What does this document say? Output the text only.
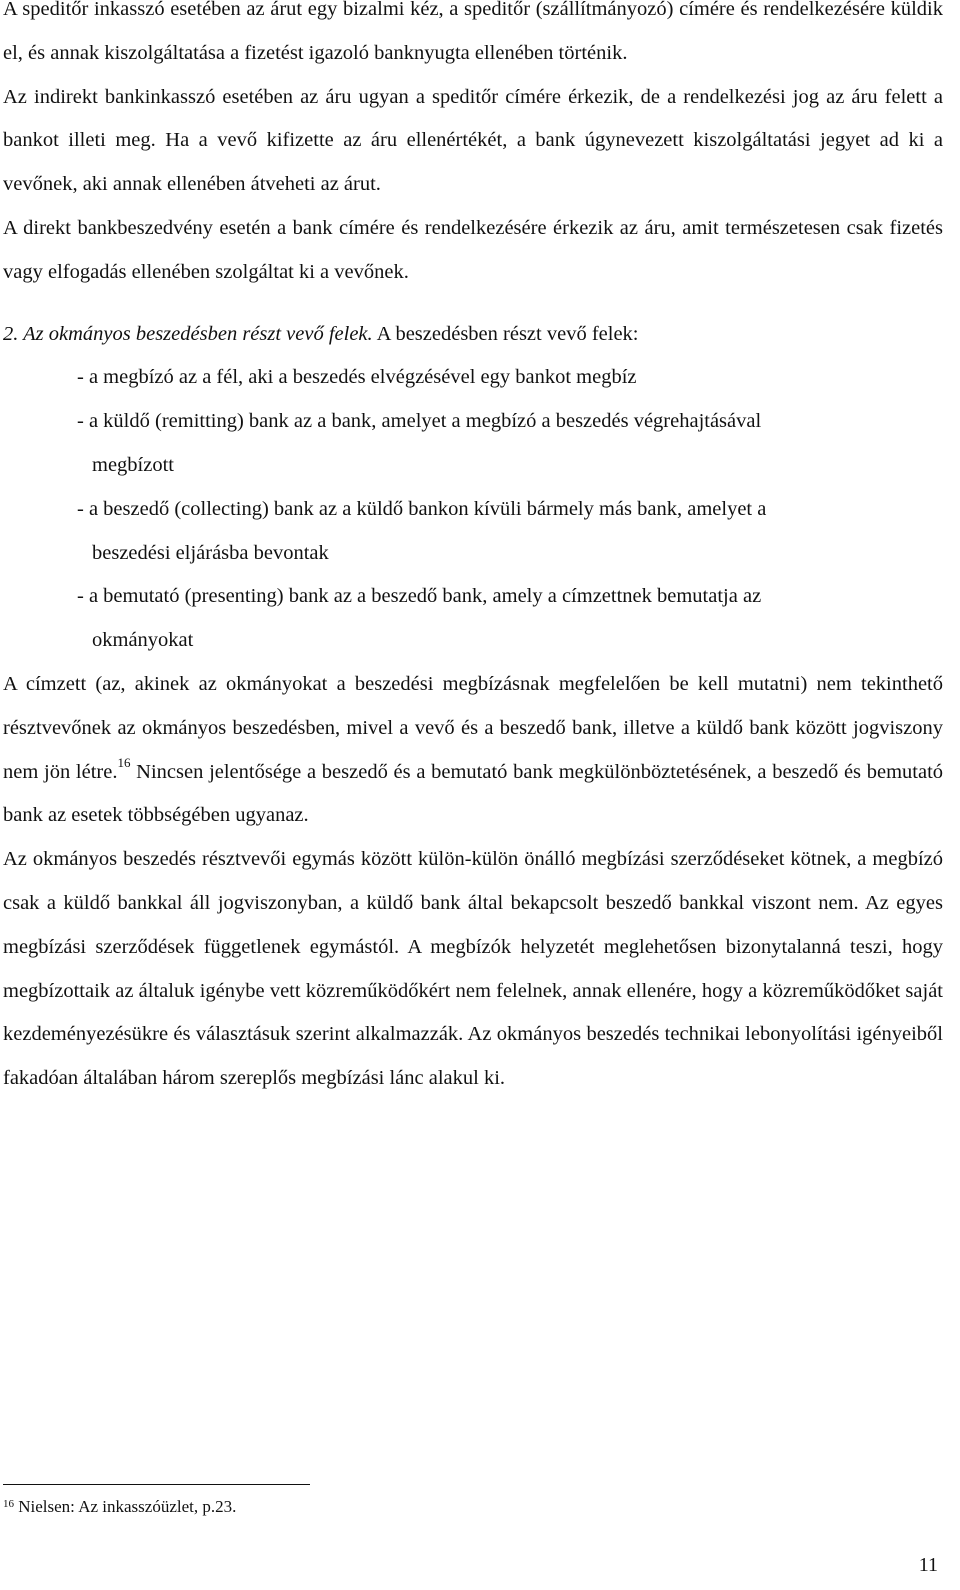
A speditőr inkasszó esetében az árut egy bizalmi kéz, a speditőr (szállítmányozó) címére és rendelkezésére küldik el, és annak kiszolgáltatása a fizetést igazoló banknyugta ellenében történik.

Az indirekt bankinkasszó esetében az áru ugyan a speditőr címére érkezik, de a rendelkezési jog az áru felett a bankot illeti meg. Ha a vevő kifizette az áru ellenértékét, a bank úgynevezett kiszolgáltatási jegyet ad ki a vevőnek, aki annak ellenében átveheti az árut.

A direkt bankbeszedvény esetén a bank címére és rendelkezésére érkezik az áru, amit természetesen csak fizetés vagy elfogadás ellenében szolgáltat ki a vevőnek.

2. Az okmányos beszedésben részt vevő felek. A beszedésben részt vevő felek:

- a megbízó az a fél, aki a beszedés elvégzésével egy bankot megbíz

- a küldő (remitting) bank az a bank, amelyet a megbízó a beszedés végrehajtásával
megbízott

- a beszedő (collecting) bank az a küldő bankon kívüli bármely más bank, amelyet a
beszedési eljárásba bevontak

- a bemutató (presenting) bank az a beszedő bank, amely a címzettnek bemutatja az
okmányokat

A címzett (az, akinek az okmányokat a beszedési megbízásnak megfelelően be kell mutatni) nem tekinthető résztvevőnek az okmányos beszedésben, mivel a vevő és a beszedő bank, illetve a küldő bank között jogviszony nem jön létre.$^{16}$ Nincsen jelentősége a beszedő és a bemutató bank megkülönböztetésének, a beszedő és bemutató bank az esetek többségében ugyanaz.

Az okmányos beszedés résztvevői egymás között külön-külön önálló megbízási szerződéseket kötnek, a megbízó csak a küldő bankkal áll jogviszonyban, a küldő bank által bekapcsolt beszedő bankkal viszont nem. Az egyes megbízási szerződések függetlenek egymástól. A megbízók helyzetét meglehetősen bizonytalanná teszi, hogy megbízottaik az általuk igénybe vett közreműködőkért nem felelnek, annak ellenére, hogy a közreműködőket saját kezdeményezésükre és választásuk szerint alkalmazzák. Az okmányos beszedés technikai lebonyolítási igényeiből fakadóan általában három szereplős megbízási lánc alakul ki.

$^{16}$ Nielsen: Az inkasszóüzlet, p.23.
11
